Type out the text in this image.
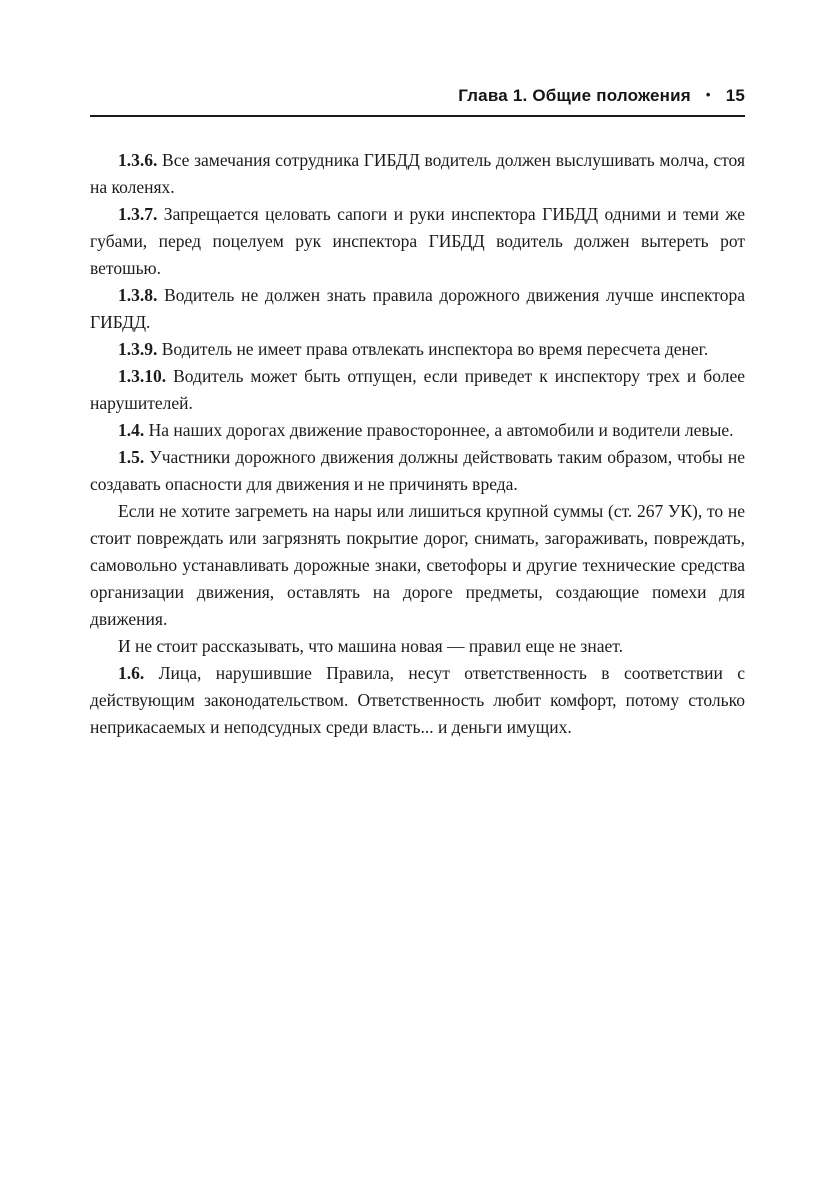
Глава 1. Общие положения • 15

1.3.6. Все замечания сотрудника ГИБДД водитель должен выслушивать молча, стоя на коленях.

1.3.7. Запрещается целовать сапоги и руки инспектора ГИБДД одними и теми же губами, перед поцелуем рук инспектора ГИБДД водитель должен вытереть рот ветошью.

1.3.8. Водитель не должен знать правила дорожного движения лучше инспектора ГИБДД.

1.3.9. Водитель не имеет права отвлекать инспектора во время пересчета денег.

1.3.10. Водитель может быть отпущен, если приведет к инспектору трех и более нарушителей.

1.4. На наших дорогах движение правостороннее, а автомобили и водители левые.

1.5. Участники дорожного движения должны действовать таким образом, чтобы не создавать опасности для движения и не причинять вреда.

Если не хотите загреметь на нары или лишиться крупной суммы (ст. 267 УК), то не стоит повреждать или загрязнять покрытие дорог, снимать, загораживать, повреждать, самовольно устанавливать дорожные знаки, светофоры и другие технические средства организации движения, оставлять на дороге предметы, создающие помехи для движения.

И не стоит рассказывать, что машина новая — правил еще не знает.

1.6. Лица, нарушившие Правила, несут ответственность в соответствии с действующим законодательством. Ответственность любит комфорт, потому столько неприкасаемых и неподсудных среди власть... и деньги имущих.
